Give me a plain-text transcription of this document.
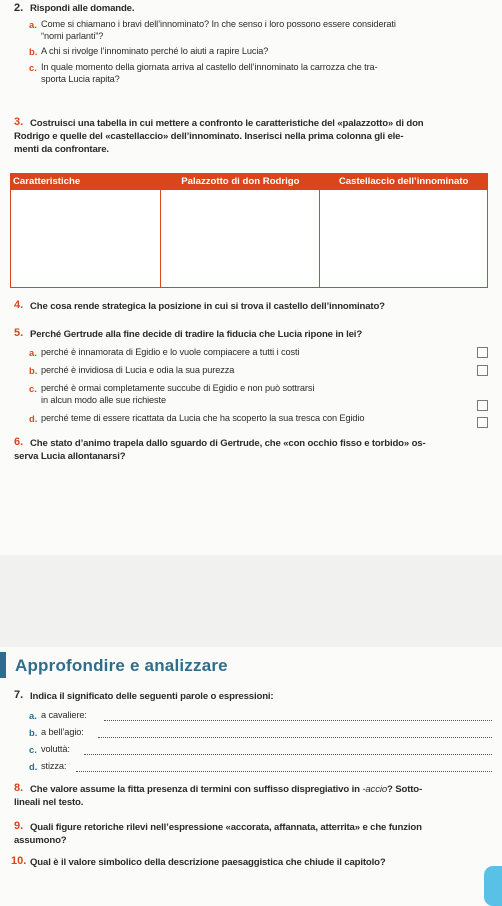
2. Rispondi alle domande.
a. Come si chiamano i bravi dell’innominato? In che senso i loro possono essere considerati
“nomi parlanti”?
b. A chi si rivolge l’innominato perché lo aiuti a rapire Lucia?
c. In quale momento della giornata arriva al castello dell’innominato la carrozza che tra-
sporta Lucia rapita?
3. Costruisci una tabella in cui mettere a confronto le caratteristiche del «palazzotto» di don
Rodrigo e quelle del «castellaccio» dell’innominato. Inserisci nella prima colonna gli ele-
menti da confrontare.
Caratteristiche	Palazzotto di don Rodrigo	Castellaccio dell’innominato

4. Che cosa rende strategica la posizione in cui si trova il castello dell’innominato?
5. Perché Gertrude alla fine decide di tradire la fiducia che Lucia ripone in lei?
a. perché è innamorata di Egidio e lo vuole compiacere a tutti i costi
b. perché è invidiosa di Lucia e odia la sua purezza
c. perché è ormai completamente succube di Egidio e non può sottrarsi
in alcun modo alle sue richieste
d. perché teme di essere ricattata da Lucia che ha scoperto la sua tresca con Egidio
6. Che stato d’animo trapela dallo sguardo di Gertrude, che «con occhio fisso e torbido» os-
serva Lucia allontanarsi?
Approfondire e analizzare
7. Indica il significato delle seguenti parole o espressioni:
a. a cavaliere:
b. a bell’agio:
c. voluttà:
d. stizza:
8. Che valore assume la fitta presenza di termini con suffisso dispregiativo in -accio? Sotto-
lineali nel testo.
9. Quali figure retoriche rilevi nell’espressione «accorata, affannata, atterrita» e che funzion
assumono?
10. Qual è il valore simbolico della descrizione paesaggistica che chiude il capitolo?
